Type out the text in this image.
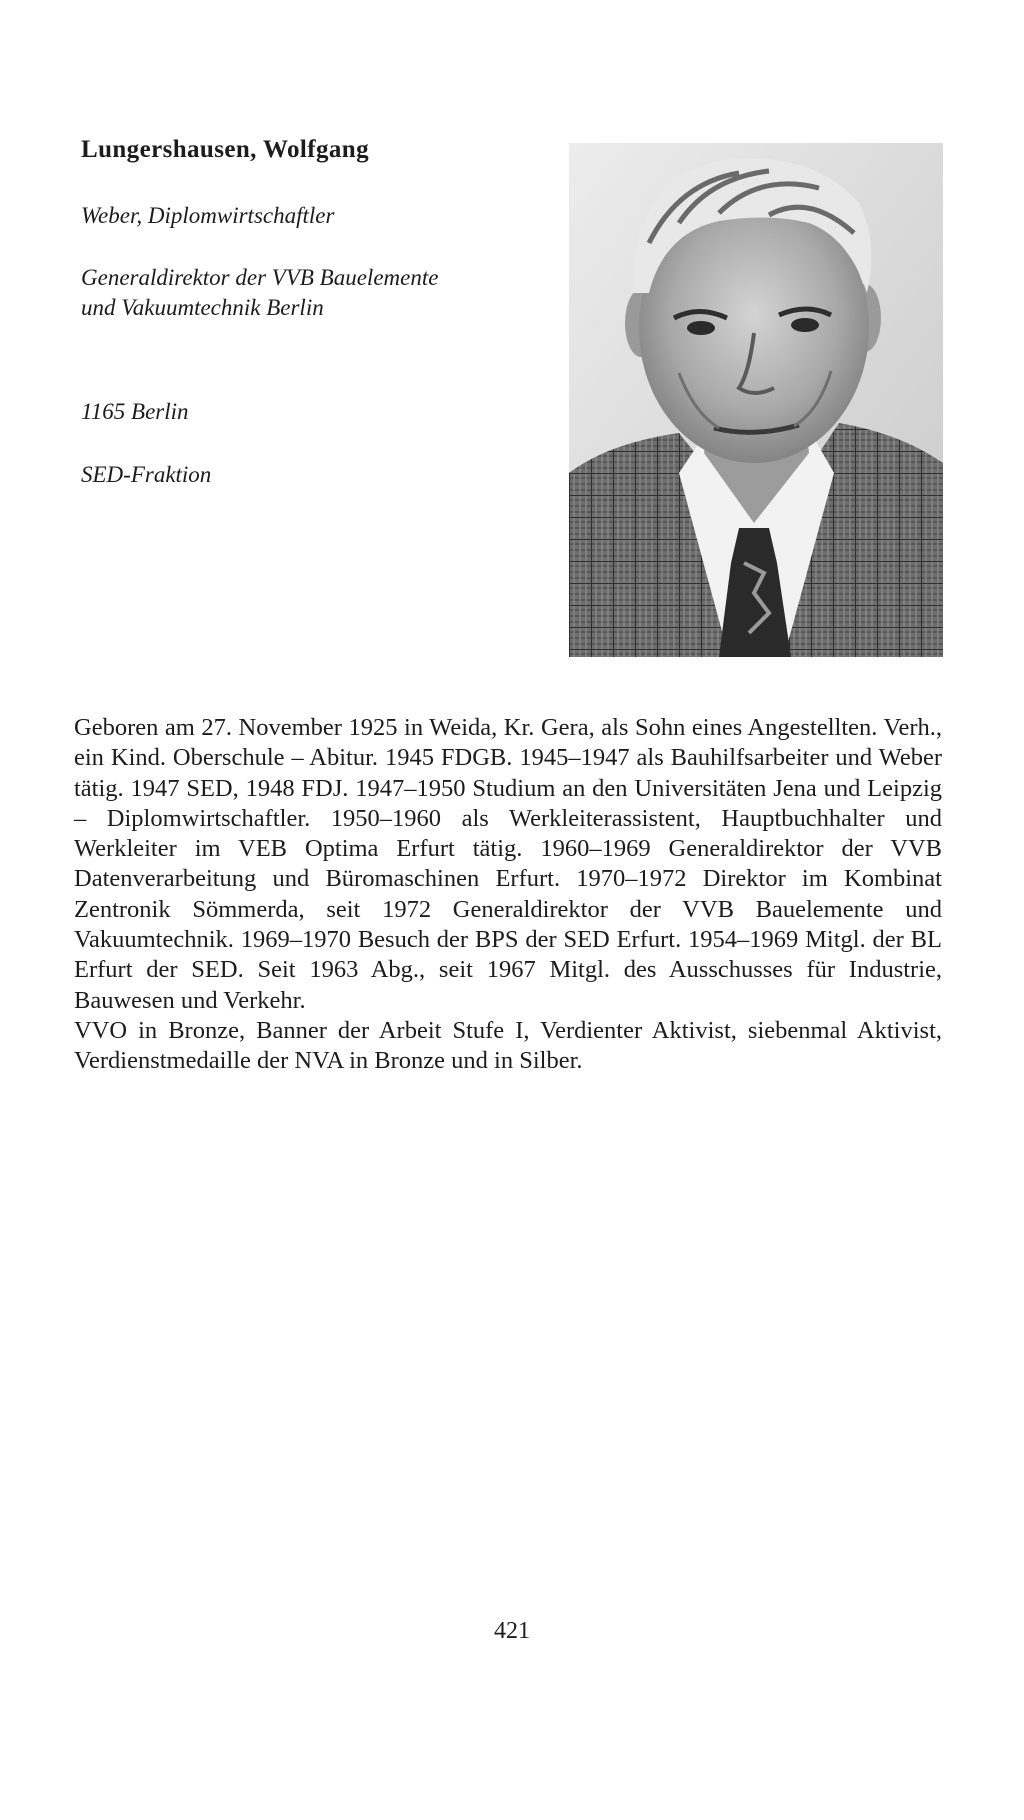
Lungershausen, Wolfgang
Weber, Diplomwirtschaftler
Generaldirektor der VVB Bauelemente und Vakuumtechnik Berlin
1165 Berlin
SED-Fraktion

Geboren am 27. November 1925 in Weida, Kr. Gera, als Sohn eines Angestellten. Verh., ein Kind. Oberschule – Abitur. 1945 FDGB. 1945–1947 als Bauhilfsarbeiter und Weber tätig. 1947 SED, 1948 FDJ. 1947–1950 Studium an den Universitäten Jena und Leipzig – Diplomwirtschaftler. 1950–1960 als Werkleiterassistent, Hauptbuchhalter und Werkleiter im VEB Optima Erfurt tätig. 1960–1969 Generaldirektor der VVB Datenverarbeitung und Büromaschinen Erfurt. 1970–1972 Direktor im Kombinat Zentronik Sömmerda, seit 1972 Generaldirektor der VVB Bauelemente und Vakuumtechnik. 1969–1970 Besuch der BPS der SED Erfurt. 1954–1969 Mitgl. der BL Erfurt der SED. Seit 1963 Abg., seit 1967 Mitgl. des Ausschusses für Industrie, Bauwesen und Verkehr.

VVO in Bronze, Banner der Arbeit Stufe I, Verdienter Aktivist, siebenmal Aktivist, Verdienstmedaille der NVA in Bronze und in Silber.

421
